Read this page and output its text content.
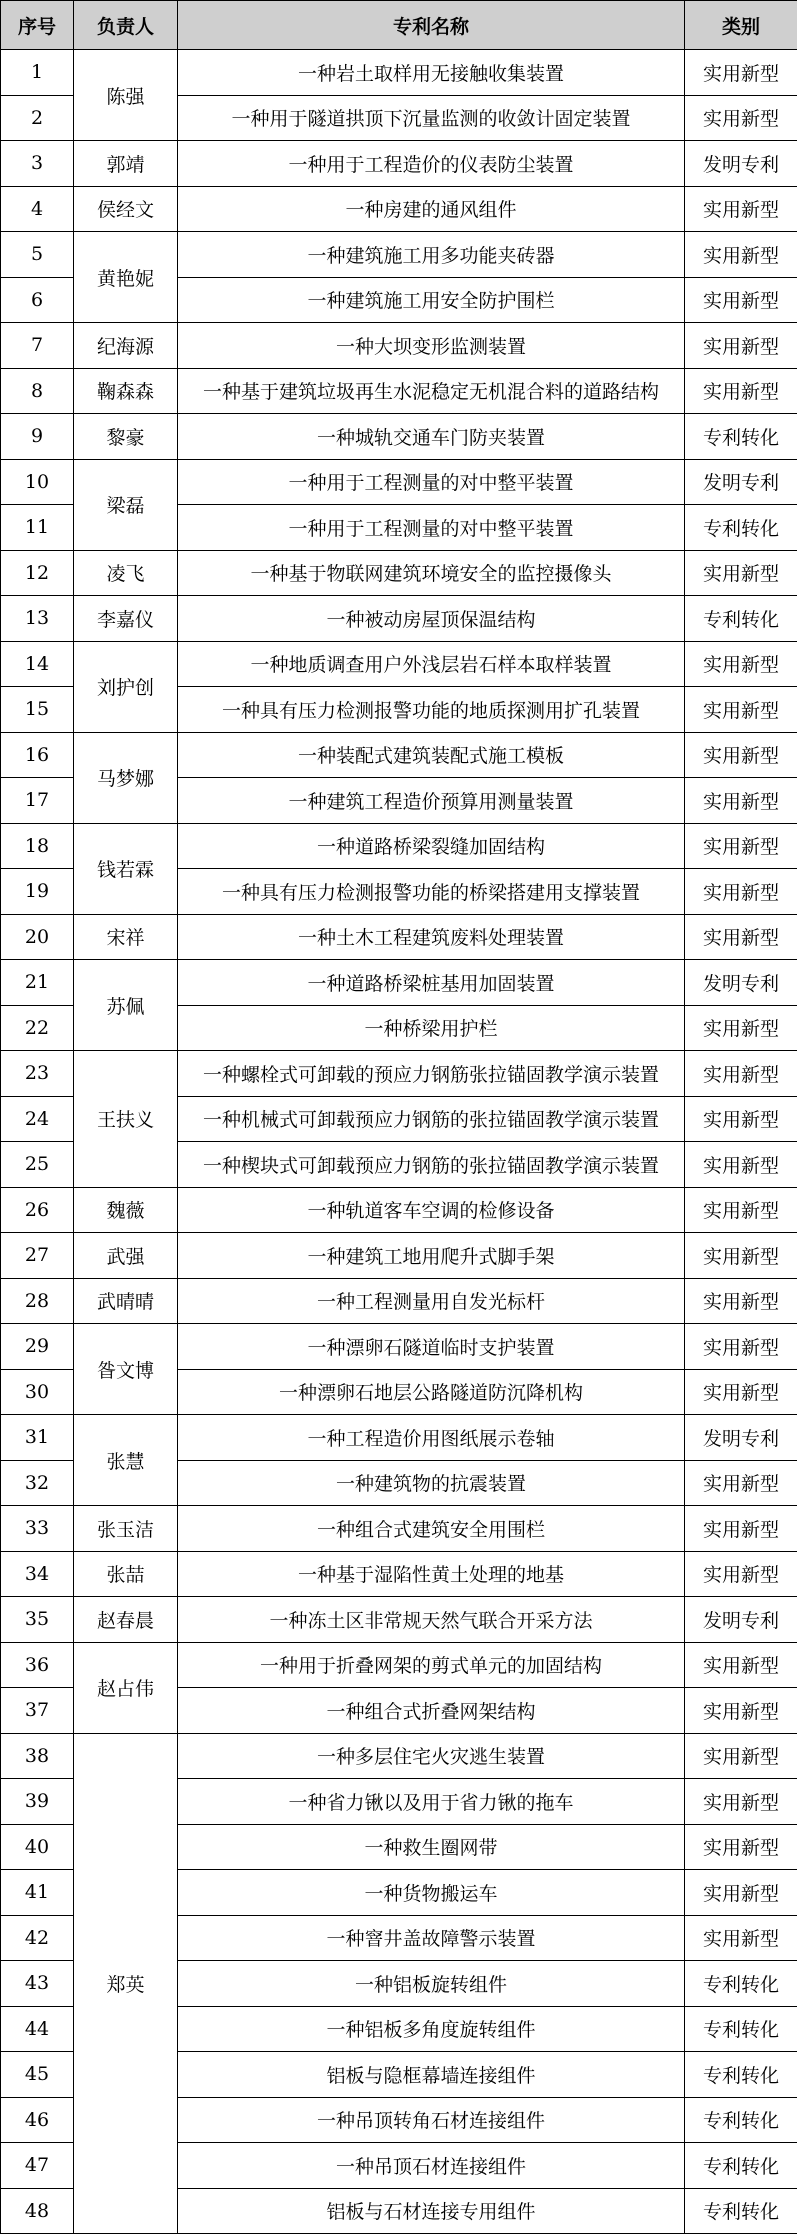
序号	负责人	专利名称	类别
1	陈强	一种岩土取样用无接触收集装置	实用新型
2		一种用于隧道拱顶下沉量监测的收敛计固定装置	实用新型
3	郭靖	一种用于工程造价的仪表防尘装置	发明专利
4	侯经文	一种房建的通风组件	实用新型
5	黄艳妮	一种建筑施工用多功能夹砖器	实用新型
6		一种建筑施工用安全防护围栏	实用新型
7	纪海源	一种大坝变形监测装置	实用新型
8	鞠森森	一种基于建筑垃圾再生水泥稳定无机混合料的道路结构	实用新型
9	黎豪	一种城轨交通车门防夹装置	专利转化
10	梁磊	一种用于工程测量的对中整平装置	发明专利
11		一种用于工程测量的对中整平装置	专利转化
12	凌飞	一种基于物联网建筑环境安全的监控摄像头	实用新型
13	李嘉仪	一种被动房屋顶保温结构	专利转化
14	刘护创	一种地质调查用户外浅层岩石样本取样装置	实用新型
15		一种具有压力检测报警功能的地质探测用扩孔装置	实用新型
16	马梦娜	一种装配式建筑装配式施工模板	实用新型
17		一种建筑工程造价预算用测量装置	实用新型
18	钱若霖	一种道路桥梁裂缝加固结构	实用新型
19		一种具有压力检测报警功能的桥梁搭建用支撑装置	实用新型
20	宋祥	一种土木工程建筑废料处理装置	实用新型
21	苏佩	一种道路桥梁桩基用加固装置	发明专利
22		一种桥梁用护栏	实用新型
23	王扶义	一种螺栓式可卸载的预应力钢筋张拉锚固教学演示装置	实用新型
24		一种机械式可卸载预应力钢筋的张拉锚固教学演示装置	实用新型
25		一种楔块式可卸载预应力钢筋的张拉锚固教学演示装置	实用新型
26	魏薇	一种轨道客车空调的检修设备	实用新型
27	武强	一种建筑工地用爬升式脚手架	实用新型
28	武晴晴	一种工程测量用自发光标杆	实用新型
29	昝文博	一种漂卵石隧道临时支护装置	实用新型
30		一种漂卵石地层公路隧道防沉降机构	实用新型
31	张慧	一种工程造价用图纸展示卷轴	发明专利
32		一种建筑物的抗震装置	实用新型
33	张玉洁	一种组合式建筑安全用围栏	实用新型
34	张喆	一种基于湿陷性黄土处理的地基	实用新型
35	赵春晨	一种冻土区非常规天然气联合开采方法	发明专利
36	赵占伟	一种用于折叠网架的剪式单元的加固结构	实用新型
37		一种组合式折叠网架结构	实用新型
38	郑英	一种多层住宅火灾逃生装置	实用新型
39		一种省力锹以及用于省力锹的拖车	实用新型
40		一种救生圈网带	实用新型
41		一种货物搬运车	实用新型
42		一种窨井盖故障警示装置	实用新型
43		一种铝板旋转组件	专利转化
44		一种铝板多角度旋转组件	专利转化
45		铝板与隐框幕墙连接组件	专利转化
46		一种吊顶转角石材连接组件	专利转化
47		一种吊顶石材连接组件	专利转化
48		铝板与石材连接专用组件	专利转化
